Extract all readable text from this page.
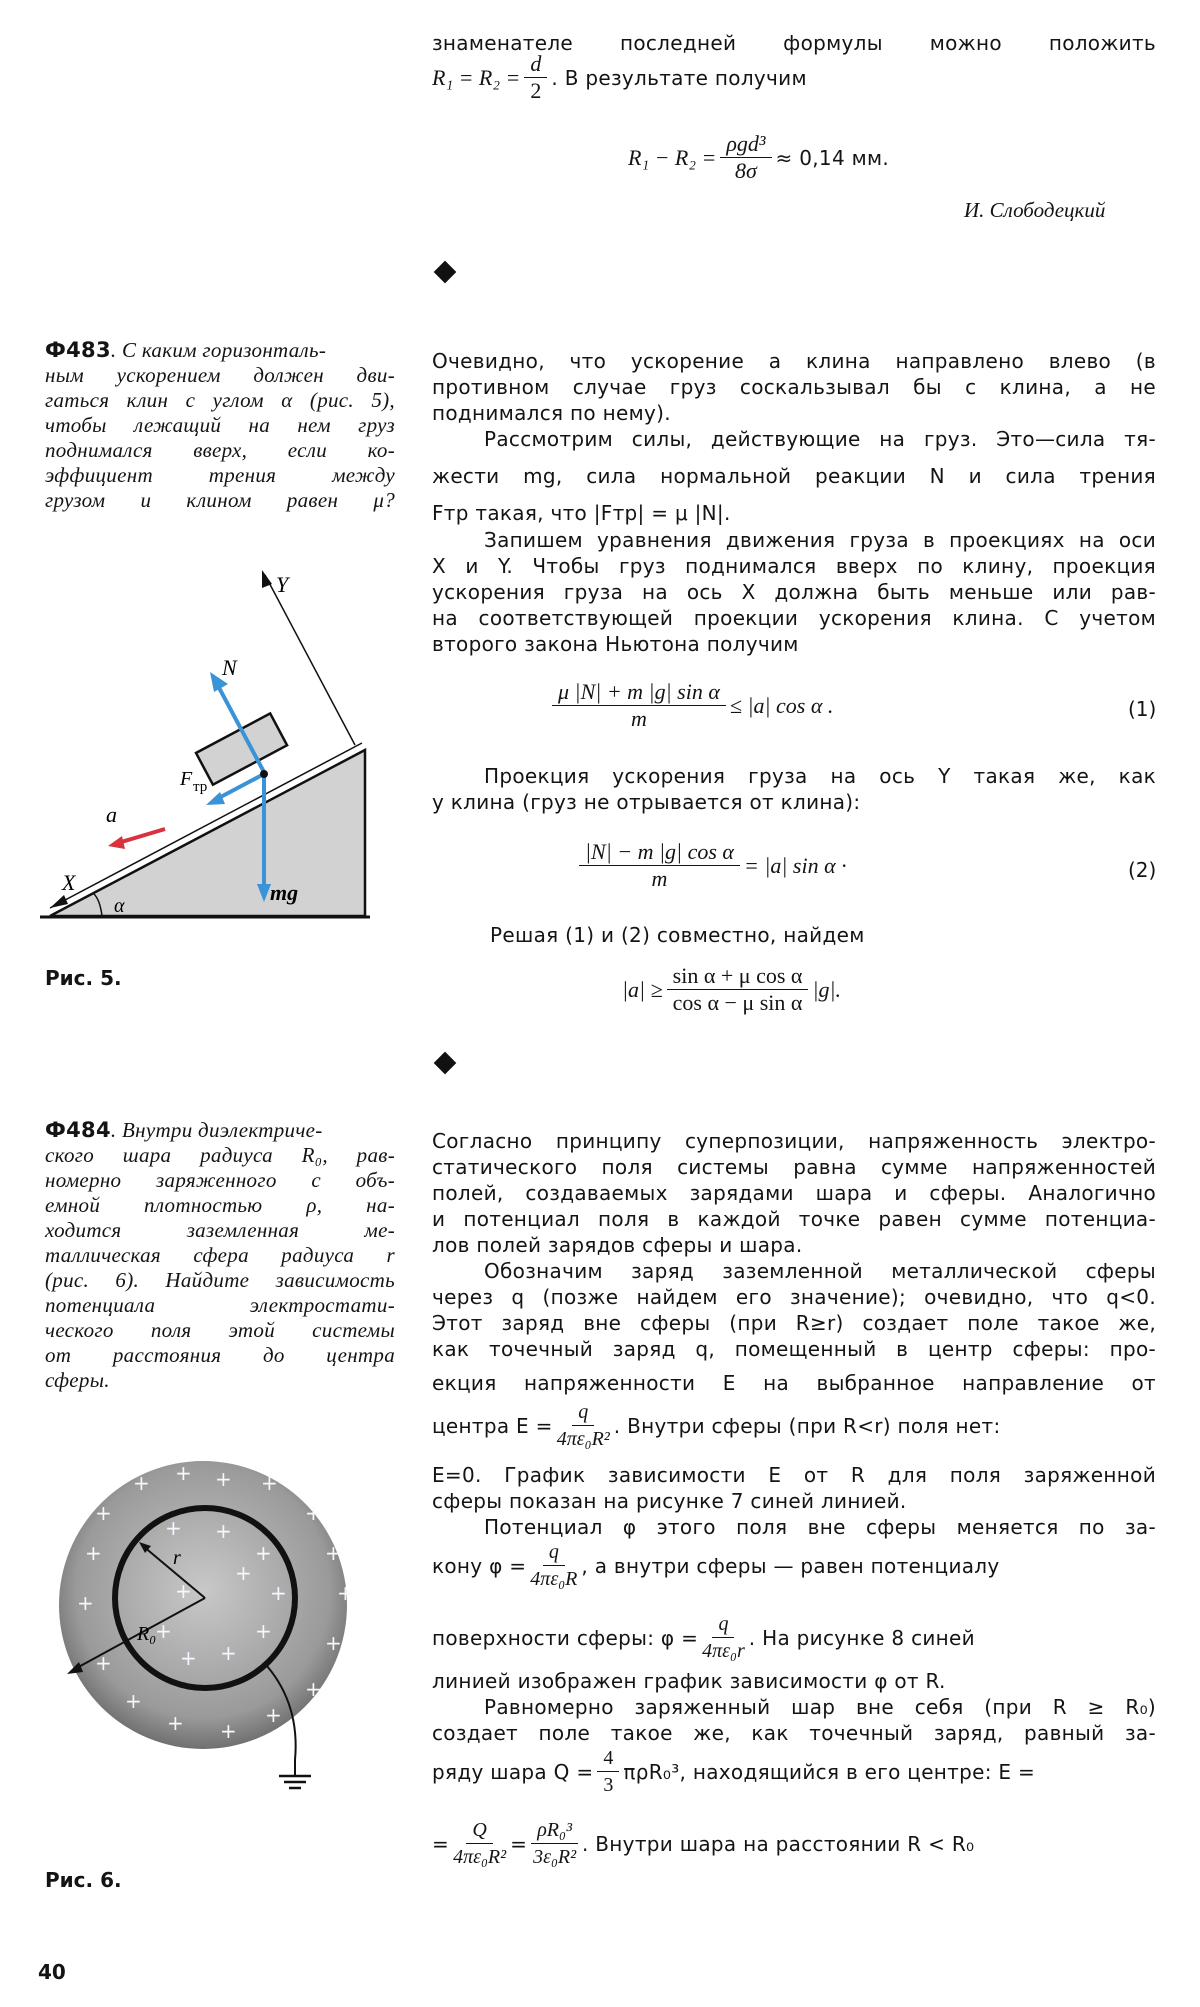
знаменателе последней формулы можно положить
$R_1 = R_2 = \frac{d}{2}$ . В результате получим
$R_1 - R_2 = \frac{\text{ρgd³}}{8\sigma} \approx 0,14$ мм.
И. Слободецкий
Ф483. С каким горизонталь-
ным ускорением должен дви-
гаться клин с углом α (рис. 5),
чтобы лежащий на нем груз
поднимался вверх, если ко-
эффициент трения между
грузом и клином равен μ?
Y
X
N
F тр
a
mg
α
Рис. 5.
Очевидно, что ускорение a клина направлено влево (в
противном случае груз соскальзывал бы с клина, а не
поднимался по нему).
Рассмотрим силы, действующие на груз. Это—сила тя-
жести mg, сила нормальной реакции N и сила трения
Fтр такая, что |Fтр| = μ |N|.
Запишем уравнения движения груза в проекциях на оси
X и Y. Чтобы груз поднимался вверх по клину, проекция
ускорения груза на ось X должна быть меньше или рав-
на соответствующей проекции ускорения клина. С учетом
второго закона Ньютона получим
$\frac{\text{μ |N| + m |g| sin α}}{m} \le |a|$ cos α .	(1)
Проекция ускорения груза на ось Y такая же, как
у клина (груз не отрывается от клина):
$\frac{\text{|N| − m |g| cos α}}{m} = |a|$ sin α ·	(2)
Решая (1) и (2) совместно, найдем
$|a| \ge \frac{\text{sin α + μ cos α}}{\text{cos α − μ sin α}} |g|$.
Ф484. Внутри диэлектриче-
ского шара радиуса R₀, рав-
номерно заряженного с объ-
емной плотностью ρ, на-
ходится заземленная ме-
таллическая сфера радиуса r
(рис. 6). Найдите зависимость
потенциала электростати-
ческого поля этой системы
от расстояния до центра
сферы.
+
+ + + +
+
+
+
+
+
+
+
+
+
+
+
+
+ +
+
+
+
+
+
+
+
+
r
R₀
Рис. 6.
Согласно принципу суперпозиции, напряженность электро-
статического поля системы равна сумме напряженностей
полей, создаваемых зарядами шара и сферы. Аналогично
и потенциал поля в каждой точке равен сумме потенциа-
лов полей зарядов сферы и шара.
Обозначим заряд заземленной металлической сферы
через q (позже найдем его значение); очевидно, что q<0.
Этот заряд вне сферы (при R≥r) создает поле такое же,
как точечный заряд q, помещенный в центр сферы: про-
екция напряженности E на выбранное направление от
центра $E = \frac{q}{\text{4πε₀R²}}$ . Внутри сферы (при R<r) поля нет:
E=0. График зависимости E от R для поля заряженной
сферы показан на рисунке 7 синей линией.
Потенциал φ этого поля вне сферы меняется по за-
кону $\varphi = \frac{q}{\text{4πε₀R}}$ , а внутри сферы — равен потенциалу
поверхности сферы: $\varphi = \frac{q}{\text{4πε₀r}}$ . На рисунке 8 синей
линией изображен график зависимости φ от R.
Равномерно заряженный шар вне себя (при R ≥ R₀)
создает поле такое же, как точечный заряд, равный за-
ряду шара $Q = \frac{4}{3} \pi\rho R_0^3$, находящийся в его центре: E =
= $\frac{Q}{\text{4πε₀R²}} = \frac{\text{ρR₀³}}{\text{3ε₀R²}}$ . Внутри шара на расстоянии R < R₀
40
